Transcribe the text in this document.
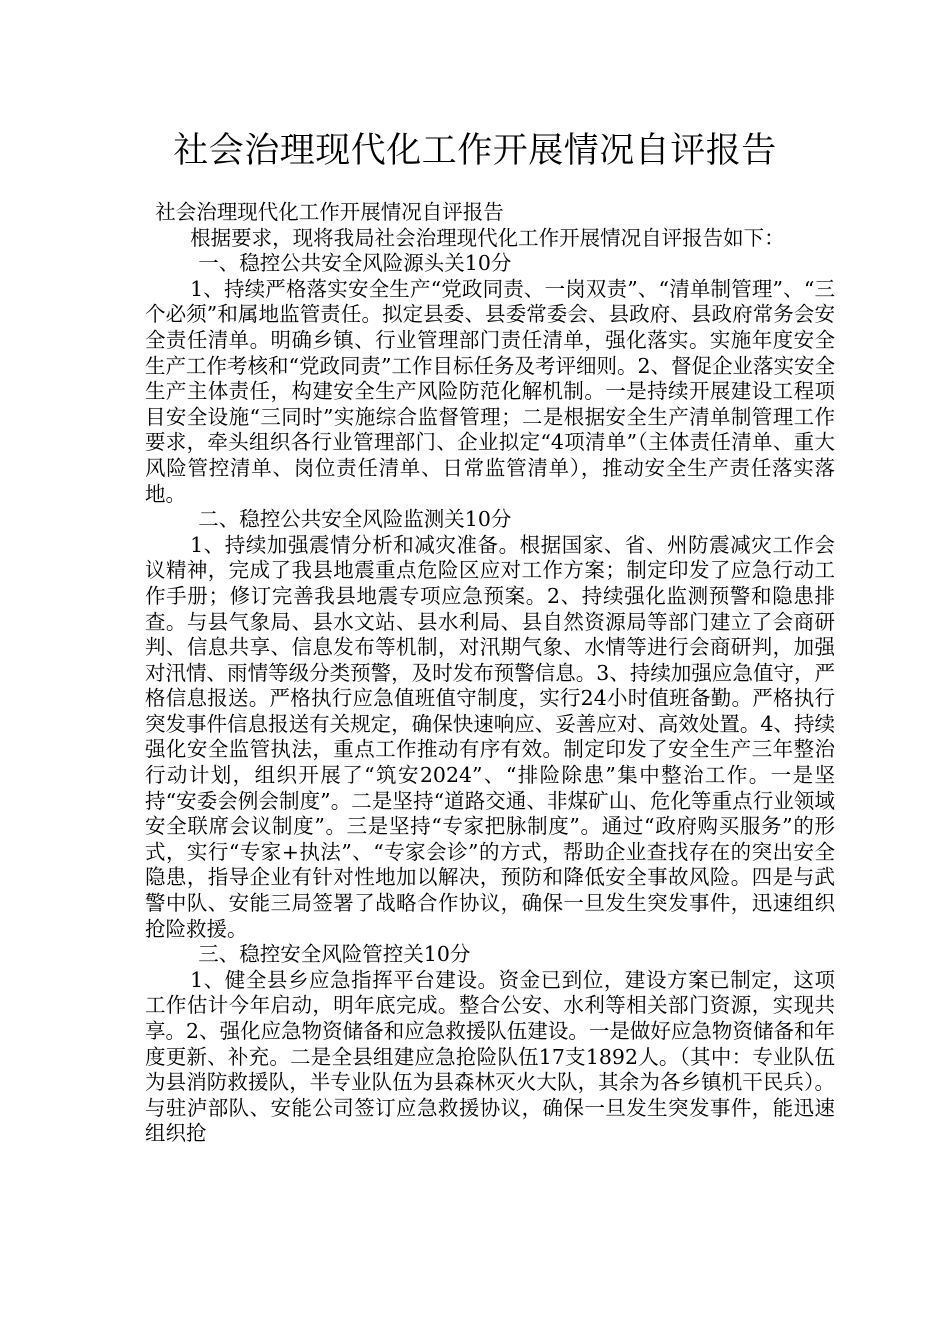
社会治理现代化工作开展情况自评报告

社会治理现代化工作开展情况自评报告

根据要求，现将我局社会治理现代化工作开展情况自评报告如下：

一、稳控公共安全风险源头关10分

1、持续严格落实安全生产“党政同责、一岗双责”、“清单制管理”、“三个必须”和属地监管责任。拟定县委、县委常委会、县政府、县政府常务会安全责任清单。明确乡镇、行业管理部门责任清单，强化落实。实施年度安全生产工作考核和“党政同责”工作目标任务及考评细则。2、督促企业落实安全生产主体责任，构建安全生产风险防范化解机制。一是持续开展建设工程项目安全设施“三同时”实施综合监督管理；二是根据安全生产清单制管理工作要求，牵头组织各行业管理部门、企业拟定“4项清单”（主体责任清单、重大风险管控清单、岗位责任清单、日常监管清单），推动安全生产责任落实落地。

二、稳控公共安全风险监测关10分

1、持续加强震情分析和减灾准备。根据国家、省、州防震减灾工作会议精神，完成了我县地震重点危险区应对工作方案；制定印发了应急行动工作手册；修订完善我县地震专项应急预案。2、持续强化监测预警和隐患排查。与县气象局、县水文站、县水利局、县自然资源局等部门建立了会商研判、信息共享、信息发布等机制，对汛期气象、水情等进行会商研判，加强对汛情、雨情等级分类预警，及时发布预警信息。3、持续加强应急值守，严格信息报送。严格执行应急值班值守制度，实行24小时值班备勤。严格执行突发事件信息报送有关规定，确保快速响应、妥善应对、高效处置。4、持续强化安全监管执法，重点工作推动有序有效。制定印发了安全生产三年整治行动计划，组织开展了“筑安2024”、“排险除患”集中整治工作。一是坚持“安委会例会制度”。二是坚持“道路交通、非煤矿山、危化等重点行业领域安全联席会议制度”。三是坚持“专家把脉制度”。通过“政府购买服务”的形式，实行“专家+执法”、“专家会诊”的方式，帮助企业查找存在的突出安全隐患，指导企业有针对性地加以解决，预防和降低安全事故风险。四是与武警中队、安能三局签署了战略合作协议，确保一旦发生突发事件，迅速组织抢险救援。

三、稳控安全风险管控关10分

1、健全县乡应急指挥平台建设。资金已到位，建设方案已制定，这项工作估计今年启动，明年底完成。整合公安、水利等相关部门资源，实现共享。2、强化应急物资储备和应急救援队伍建设。一是做好应急物资储备和年度更新、补充。二是全县组建应急抢险队伍17支1892人。（其中：专业队伍为县消防救援队，半专业队伍为县森林灭火大队，其余为各乡镇机干民兵）。与驻泸部队、安能公司签订应急救援协议，确保一旦发生突发事件，能迅速组织抢
